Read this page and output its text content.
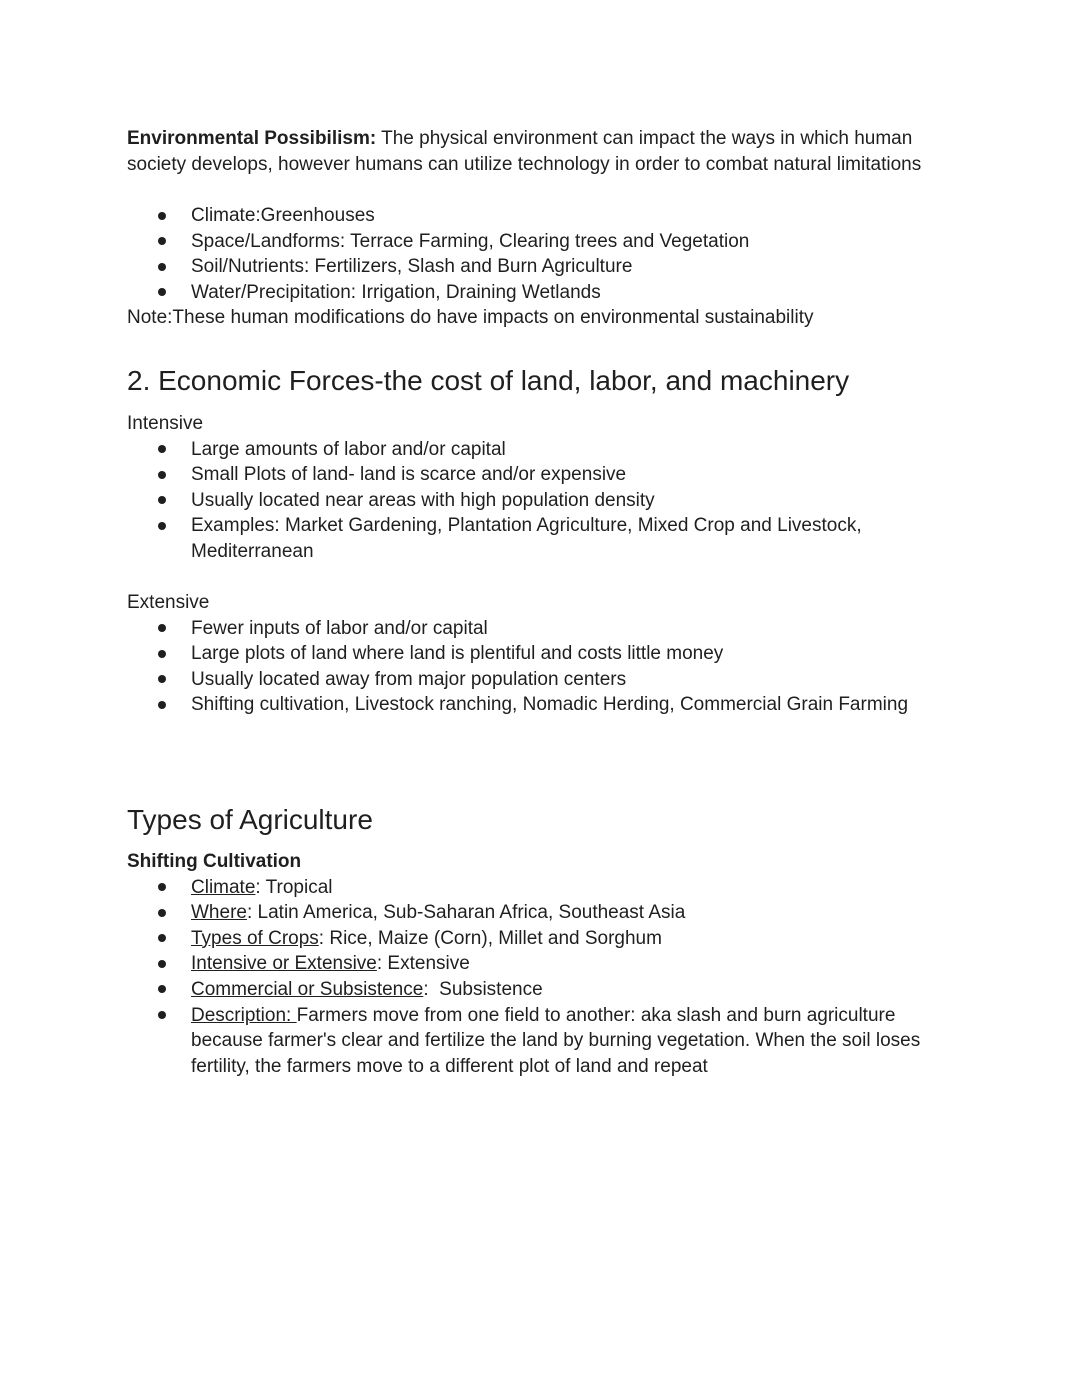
Environmental Possibilism: The physical environment can impact the ways in which human
society develops, however humans can utilize technology in order to combat natural limitations
Climate:Greenhouses
Space/Landforms: Terrace Farming, Clearing trees and Vegetation
Soil/Nutrients: Fertilizers, Slash and Burn Agriculture
Water/Precipitation: Irrigation, Draining Wetlands
Note:These human modifications do have impacts on environmental sustainability
2. Economic Forces-the cost of land, labor, and machinery
Intensive
Large amounts of labor and/or capital
Small Plots of land- land is scarce and/or expensive
Usually located near areas with high population density
Examples: Market Gardening, Plantation Agriculture, Mixed Crop and Livestock,
Mediterranean
Extensive
Fewer inputs of labor and/or capital
Large plots of land where land is plentiful and costs little money
Usually located away from major population centers
Shifting cultivation, Livestock ranching, Nomadic Herding, Commercial Grain Farming
Types of Agriculture
Shifting Cultivation
Climate: Tropical
Where: Latin America, Sub-Saharan Africa, Southeast Asia
Types of Crops: Rice, Maize (Corn), Millet and Sorghum
Intensive or Extensive: Extensive
Commercial or Subsistence:  Subsistence
Description: Farmers move from one field to another: aka slash and burn agriculture
because farmer's clear and fertilize the land by burning vegetation. When the soil loses
fertility, the farmers move to a different plot of land and repeat
